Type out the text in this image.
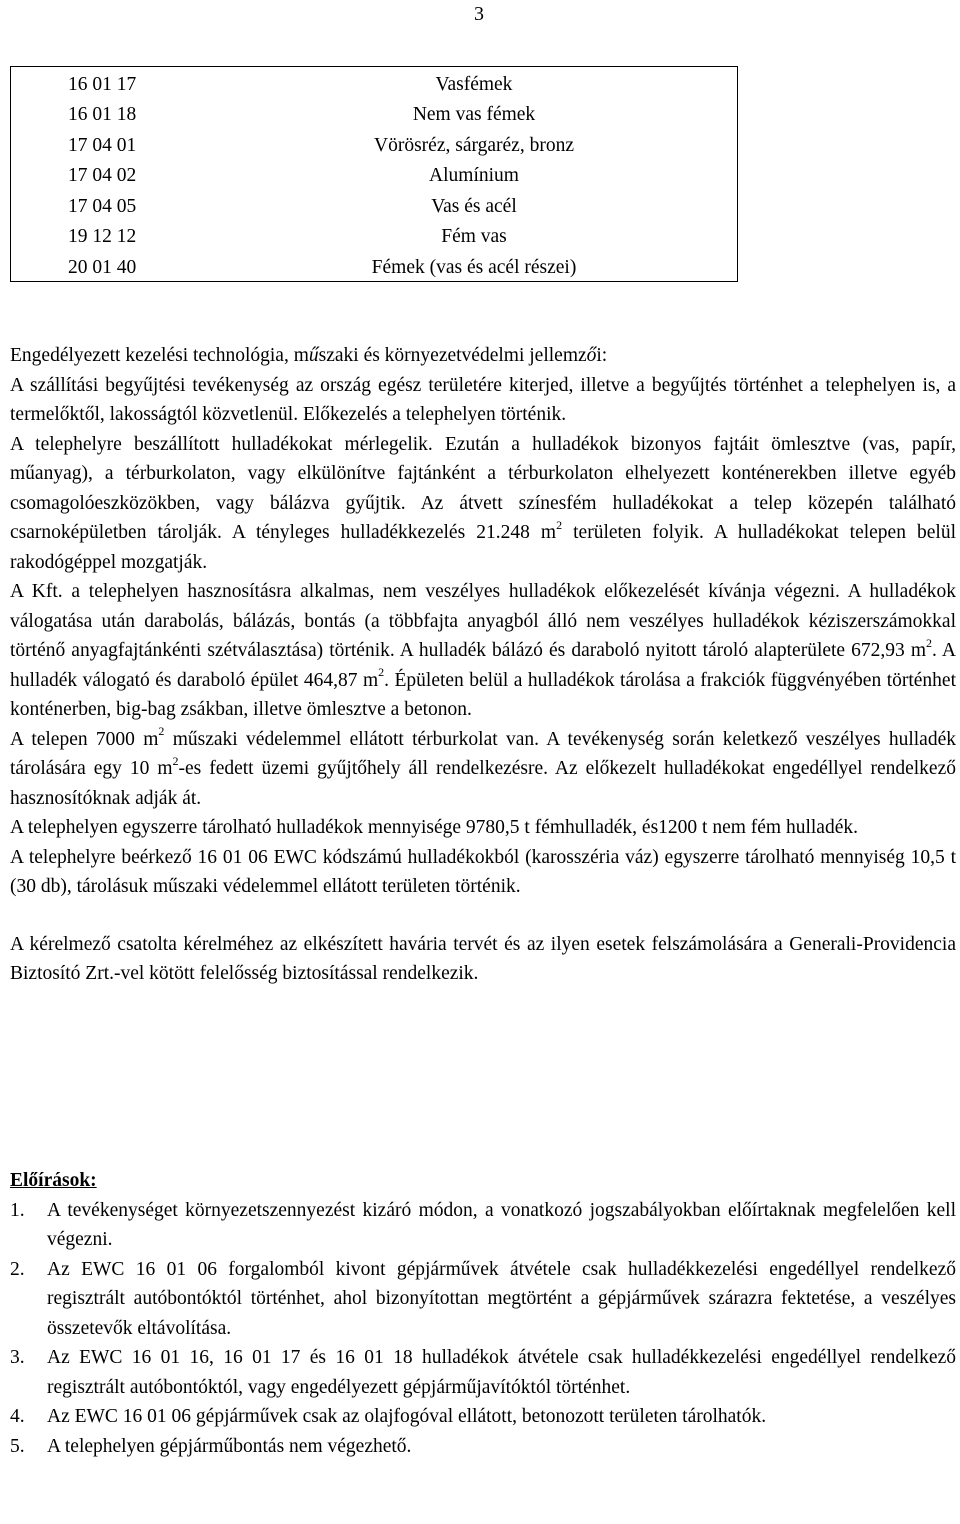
3
16 01 17	Vasfémek
16 01 18	Nem vas fémek
17 04 01	Vörösréz, sárgaréz, bronz
17 04 02	Alumínium
17 04 05	Vas és acél
19 12 12	Fém vas
20 01 40	Fémek (vas és acél részei)

Engedélyezett kezelési technológia, műszaki és környezetvédelmi jellemzői:

A szállítási begyűjtési tevékenység az ország egész területére kiterjed, illetve a begyűjtés történhet a telephelyen is, a termelőktől, lakosságtól közvetlenül. Előkezelés a telephelyen történik.

A telephelyre beszállított hulladékokat mérlegelik. Ezután a hulladékok bizonyos fajtáit ömlesztve (vas, papír, műanyag), a térburkolaton, vagy elkülönítve fajtánként a térburkolaton elhelyezett konténerekben illetve egyéb csomagolóeszközökben, vagy bálázva gyűjtik. Az átvett színesfém hulladékokat a telep közepén található csarnoképületben tárolják. A tényleges hulladékkezelés 21.248 $m^2$ területen folyik. A hulladékokat telepen belül rakodógéppel mozgatják.

A Kft. a telephelyen hasznosításra alkalmas, nem veszélyes hulladékok előkezelését kívánja végezni. A hulladékok válogatása után darabolás, bálázás, bontás (a többfajta anyagból álló nem veszélyes hulladékok kéziszerszámokkal történő anyagfajtánkénti szétválasztása) történik. A hulladék bálázó és daraboló nyitott tároló alapterülete 672,93 $m^2$. A hulladék válogató és daraboló épület 464,87 $m^2$. Épületen belül a hulladékok tárolása a frakciók függvényében történhet konténerben, big-bag zsákban, illetve ömlesztve a betonon.

A telepen 7000 $m^2$ műszaki védelemmel ellátott térburkolat van. A tevékenység során keletkező veszélyes hulladék tárolására egy 10 $m^2-es$ fedett üzemi gyűjtőhely áll rendelkezésre. Az előkezelt hulladékokat engedéllyel rendelkező hasznosítóknak adják át.

A telephelyen egyszerre tárolható hulladékok mennyisége 9780,5 t fémhulladék, és1200 t nem fém hulladék.

A telephelyre beérkező 16 01 06 EWC kódszámú hulladékokból (karosszéria váz) egyszerre tárolható mennyiség 10,5 t (30 db), tárolásuk műszaki védelemmel ellátott területen történik.

A kérelmező csatolta kérelméhez az elkészített havária tervét és az ilyen esetek felszámolására a Generali-Providencia Biztosító Zrt.-vel kötött felelősség biztosítással rendelkezik.

Előírások:

1.	A tevékenységet környezetszennyezést kizáró módon, a vonatkozó jogszabályokban előírtaknak megfelelően kell végezni.
2.	Az EWC 16 01 06 forgalomból kivont gépjárművek átvétele csak hulladékkezelési engedéllyel rendelkező regisztrált autóbontóktól történhet, ahol bizonyítottan megtörtént a gépjárművek szárazra fektetése, a veszélyes összetevők eltávolítása.
3.	Az EWC 16 01 16, 16 01 17 és 16 01 18 hulladékok átvétele csak hulladékkezelési engedéllyel rendelkező regisztrált autóbontóktól, vagy engedélyezett gépjárműjavítóktól történhet.
4.	Az EWC 16 01 06 gépjárművek csak az olajfogóval ellátott, betonozott területen tárolhatók.
5.	A telephelyen gépjárműbontás nem végezhető.
